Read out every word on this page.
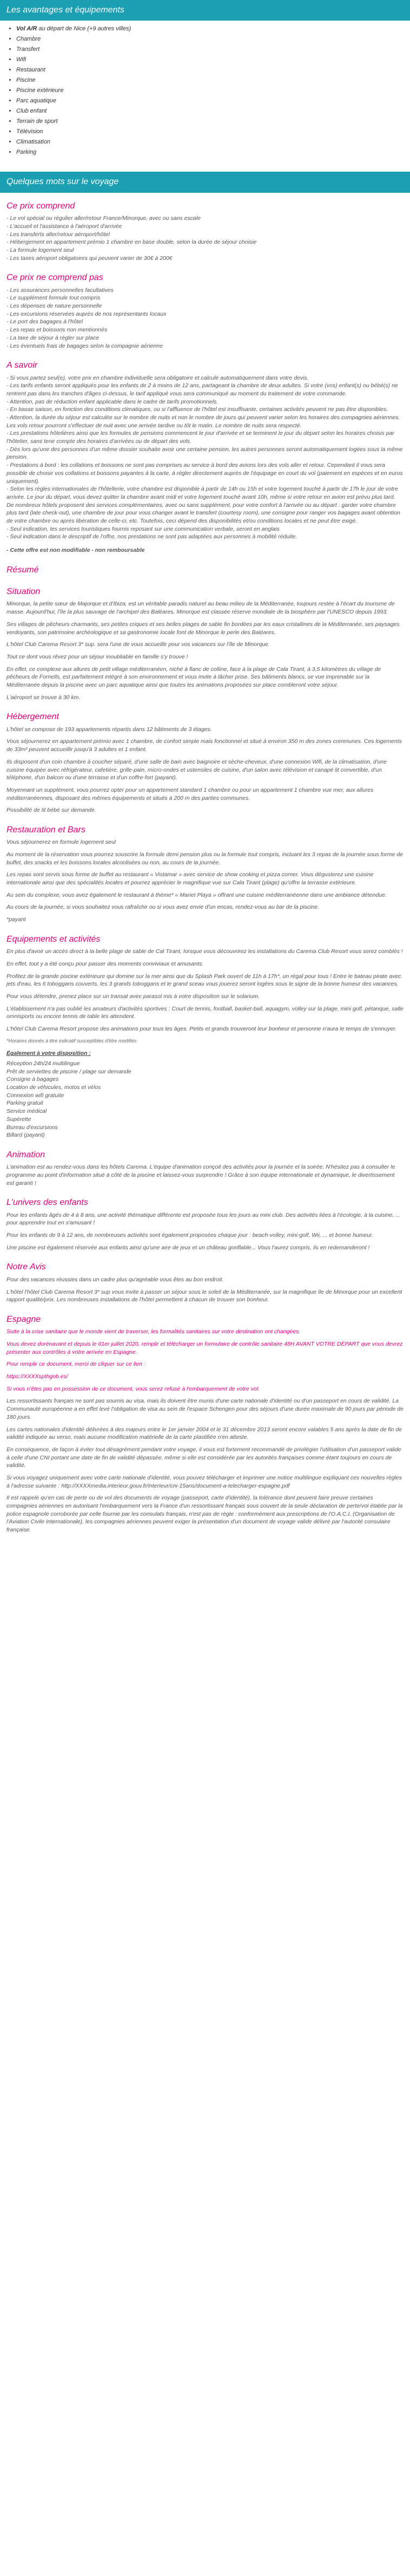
Les avantages et équipements
• Vol A/R au départ de Nice (+9 autres villes)
• Chambre
• Transfert
• Wifi
• Restaurant
• Piscine
• Piscine extérieure
• Parc aquatique
• Club enfant
• Terrain de sport
• Télévision
• Climatisation
• Parking
Quelques mots sur le voyage
Ce prix comprend

- Le vol spécial ou régulier aller/retour France/Minorque, avec ou sans escale

- L'accueil et l'assistance à l'aéroport d'arrivée

- Les transferts aller/retour aéroport/hôtel

- Hébergement en appartement prémio 1 chambre en base double, selon la durée de séjour choisie

- La formule logement seul

- Les taxes aéroport obligatoires qui peuvent varier de 30€ à 200€

Ce prix ne comprend pas

- Les assurances personnelles facultatives

- Le supplément formule tout compris

- Les dépenses de nature personnelle

- Les excursions réservées auprès de nos représentants locaux

- Le port des bagages à l'hôtel

- Les repas et boissons non mentionnés

- La taxe de séjour à régler sur place

- Les éventuels frais de bagages selon la compagnie aérienne

A savoir

- Si vous partez seul(e), votre prix en chambre individuelle sera obligatoire et calculé automatiquement dans votre devis.

- Les tarifs enfants seront appliqués pour les enfants de 2 à moins de 12 ans, partageant la chambre de deux adultes. Si votre (vos) enfant(s) ou bébé(s) ne rentrent pas dans les tranches d'âges ci-dessus, le tarif appliqué vous sera communiqué au moment du traitement de votre commande.

- Attention, pas de réduction enfant applicable dans le cadre de tarifs promotionnels.

- En basse saison, en fonction des conditions climatiques, ou si l'affluence de l'hôtel est insuffisante, certaines activités peuvent ne pas être disponibles.

- Attention, la durée du séjour est calculée sur le nombre de nuits et non le nombre de jours qui peuvent varier selon les horaires des compagnies aériennes. Les vols retour pourront s'effectuer de nuit avec une arrivée tardive ou tôt le matin. Le nombre de nuits sera respecté.

- Les prestations hôtelières ainsi que les formules de pensions commencent le jour d'arrivée et se terminent le jour du départ selon les horaires choisis par l'hôtelier, sans tenir compte des horaires d'arrivées ou de départ des vols.

- Dès lors qu'une des personnes d'un même dossier souhaite avoir une certaine pension, les autres personnes seront automatiquement logées sous la même pension.

- Prestations à bord : les collations et boissons ne sont pas comprises au service à bord des avions lors des vols aller et retour. Cependant il vous sera possible de choisir vos collations et boissons payantes à la carte, à régler directement auprès de l'équipage en court du vol (paiement en espèces et en euros uniquement).

- Selon les règles internationales de l'hôtellerie, votre chambre est disponible à partir de 14h ou 15h et votre logement touché à partir de 17h le jour de votre arrivée. Le jour du départ, vous devez quitter la chambre avant midi et votre logement touché avant 10h, même si votre retour en avion est prévu plus tard. De nombreux hôtels proposent des services complémentaires, avec ou sans supplément, pour votre confort à l'arrivée ou au départ : garder votre chambre plus tard (late check-out), une chambre de jour pour vous changer avant le transfert (courtesy room), une consigne pour ranger vos bagages avant obtention de votre chambre ou après libération de celle-ci, etc. Toutefois, ceci dépend des disponibilités et/ou conditions locales et ne peut être exigé.

- Seul indication, les services touristiques fournis reposant sur une communication verbale, seront en anglais

- Seul indication dans le descriptif de l'offre, nos prestations ne sont pas adaptées aux personnes à mobilité réduite.

- Cette offre est non modifiable - non remboursable
Résumé
Situation

Minorque, la petite sœur de Majorque et d'Ibiza, est un véritable paradis naturel au beau milieu de la Méditerranée, toujours restée à l'écart du tourisme de masse. Aujourd'hui, l'île la plus sauvage de l'archipel des Baléares, Minorque est classée réserve mondiale de la biosphère par l'UNESCO depuis 1993.

Ses villages de pêcheurs charmants, ses petites criques et ses belles plages de sable fin bordées par les eaux cristallines de la Méditerranée, ses paysages verdoyants, son patrimoine archéologique et sa gastronomie locale font de Minorque le perle des Baléares.

L'hôtel Club Carema Resort 3* sup. sera l'une de vous accueillir pour vos vacances sur l'île de Minorque.

Tout ce dont vous rêvez pour un séjour inoubliable en famille s'y trouve !

En effet, ce complexe aux allures de petit village méditerranéen, niché à flanc de colline, face à la plage de Cala Tirant, à 3,5 kilomètres du village de pêcheurs de Fornells, est parfaitement intégré à son environnement et vous invite à lâcher prise. Ses bâtiments blancs, se vue imprenable sur la Méditerranée depuis la piscine avec un parc aquatique ainsi que toutes les animations proposées sur place combleront votre séjour.

L'aéroport se trouve à 30 km.

Hébergement

L'hôtel se compose de 193 appartements répartis dans 12 bâtiments de 3 étages.

Vous séjournerez en appartement prémio avec 1 chambre, de confort simple mais fonctionnel et situé à environ 350 m des zones communes. Ces logements de 33m² peuvent accueillir jusqu'à 3 adultes et 1 enfant.

Ils disposent d'un coin chambre à coucher séparé, d'une salle de bain avec baignoire et sèche-cheveux, d'une connexion Wifi, de la climatisation, d'une cuisine équipée avec réfrigérateur, cafetière, grille-pain, micro-ondes et ustensiles de cuisine, d'un salon avec télévision et canapé lit convertible, d'un téléphone, d'un balcon ou d'une terrasse et d'un coffre-fort (payant).

Moyennant un supplément, vous pourrez opter pour un appartement standard 1 chambre ou pour un appartement 1 chambre vue mer, aux allures méditerranéennes, disposant des mêmes équipements et situés à 200 m des parties communes.

Possibilité de lit bébé sur demande.

Restauration et Bars

Vous séjournerez en formule logement seul

Au moment de la réservation vous pourrez souscrire la formule demi pension plus ou la formule tout compris, incluant les 3 repas de la journée sous forme de buffet, des snacks et les boissons locales alcoolisées ou non, au cours de la journée.

Les repas sont servis sous forme de buffet au restaurant « Vistamar » avec service de show cooking et pizza corner. Vous dégusterez une cuisine internationale ainsi que des spécialités locales et pourrez apprécier le magnifique vue sur Cala Tirant (plage) qu'offre la terrasse extérieure.

Au sein du complexe, vous avez également le restaurant à thème* « Mariet Playa » offrant une cuisine méditerranéenne dans une ambiance détendue.

Au cours de la journée, si vous souhaitez vous rafraîchir ou si vous avez envie d'un encas, rendez-vous au bar de la piscine.

*payant

Equipements et activités

En plus d'avoir un accès direct à la belle plage de sable de Cal Tirant, lorsque vous découvrirez les installations du Carema Club Resort vous serez comblés !

En effet, tout y a été conçu pour passer des moments conviviaux et amusants.

Profitez de la grande piscine extérieure qui domine sur la mer ainsi que du Splash Park ouvert de 11h à 17h*, un régal pour tous ! Entre le bateau pirate avec jets d'eau, les 6 toboggans couverts, les 3 grands toboggans et le grand sceau vous jouerez seront logées sous le signe de la bonne humeur des vacances.

Pour vous détendre, prenez place sur un transat avec parasol mis à votre disposition sur le solarium.

L'établissement n'a pas oublié les amateurs d'activités sportives : Court de tennis, football, basket-ball, aquagym, volley sur la plage, mini golf, pétanque, salle omnisports ou encore tennis de table les attendent.

L'hôtel Club Carema Resort propose des animations pour tous les âges. Petits et grands trouveront leur bonheur et personne n'aura le temps de s'ennuyer.

*Horaires donnés à titre indicatif susceptibles d'être modifiés

Également à votre disposition :

Réception 24h/24 multilingue

Prêt de serviettes de piscine / plage sur demande

Consigne à bagages

Location de véhicules, motos et vélos

Connexion wifi gratuite

Parking gratuit

Service médical

Supérette

Bureau d'excursions

Billard (payant)

Animation

L'animation est au rendez-vous dans les hôtels Carema. L'équipe d'animation conçoit des activités pour la journée et la soirée. N'hésitez pas à consulter le programme au point d'information situé à côté de la piscine et laissez-vous surprendre ! Grâce à son équipe internationale et dynamique, le divertissement est garanti !

L'univers des enfants

Pour les enfants âgés de 4 à 8 ans, une activité thématique différente est proposée tous les jours au mini club. Des activités liées à l'écologie, à la cuisine, ... pour apprendre tout en s'amusant !

Pour les enfants de 9 à 12 ans, de nombreuses activités sont également proposées chaque jour : beach-volley, mini-golf, Wii, ... et bonne humeur.

Une piscine est également réservée aux enfants ainsi qu'une aire de jeux et un château gonflable... Vous l'aurez compris, ils en redemanderont !

Notre Avis

Pour des vacances réussies dans un cadre plus qu'agréable vous êtes au bon endroit.

L'hôtel l'hôtel Club Carema Resort 3* sup vous invite à passer un séjour sous le soleil de la Méditerranée, sur la magnifique île de Minorque pour un excellent rapport qualité/prix. Les nombreuses installations de l'hôtel permettent à chacun de trouver son bonheur.

Espagne

Suite à la crise sanitaire que le monde vient de traverser, les formalités sanitaires sur votre destination ont changées.

Vous devez dorénavant et depuis le 01er juillet 2020, remplir et télécharger un formulaire de contrôle sanitaire 48H AVANT VOTRE DÉPART que vous devrez présenter aux contrôles à votre arrivée en Espagne.

Pour remplir ce document, merci de cliquer sur ce lien :

https://XXXXspthgob.es/

Si vous n'êtes pas en possession de ce document, vous serez refusé à l'embarquement de votre vol.

Les ressortissants français ne sont pas soumis au visa, mais ils doivent être munis d'une carte nationale d'identité ou d'un passeport en cours de validité. La Communauté européenne a en effet levé l'obligation de visa au sein de l'espace Schengen pour des séjours d'une durée maximale de 90 jours par période de 180 jours.

Les cartes nationales d'identité délivrées à des majeurs entre le 1er janvier 2004 et le 31 décembre 2013 seront encore valables 5 ans après la date de fin de validité indiquée au verso, mais aucune modification matérielle de la carte plastifiée n'en atteste.

En conséquence, de façon à éviter tout désagrément pendant votre voyage, il vous est fortement recommandé de privilégier l'utilisation d'un passeport valide à celle d'une CNI portant une date de fin de validité dépassée, même si elle est considérée par les autorités françaises comme étant toujours en cours de validité.

Si vous voyagez uniquement avec votre carte nationale d'identité, vous pouvez télécharger et imprimer une notice multilingue expliquant ces nouvelles règles à l'adresse suivante : http://XXXXmedia.interieur.gouv.fr/interieur/cni-15ans/document-a-telecharger-espagne.pdf

Il est rappelé qu'en cas de perte ou de vol des documents de voyage (passeport, carte d'identité), la tolérance dont peuvent faire preuve certaines compagnies aériennes en autorisant l'embarquement vers la France d'un ressortissant français sous couvert de la seule déclaration de perte/vol établie par la police espagnole corroborée par celle fournie par les consulats français, n'est pas de règle : conformément aux prescriptions de l'O.A.C.I. (Organisation de l'Aviation Civile Internationale), les compagnies aériennes peuvent exiger la présentation d'un document de voyage valide délivré par l'autorité consulaire française.
